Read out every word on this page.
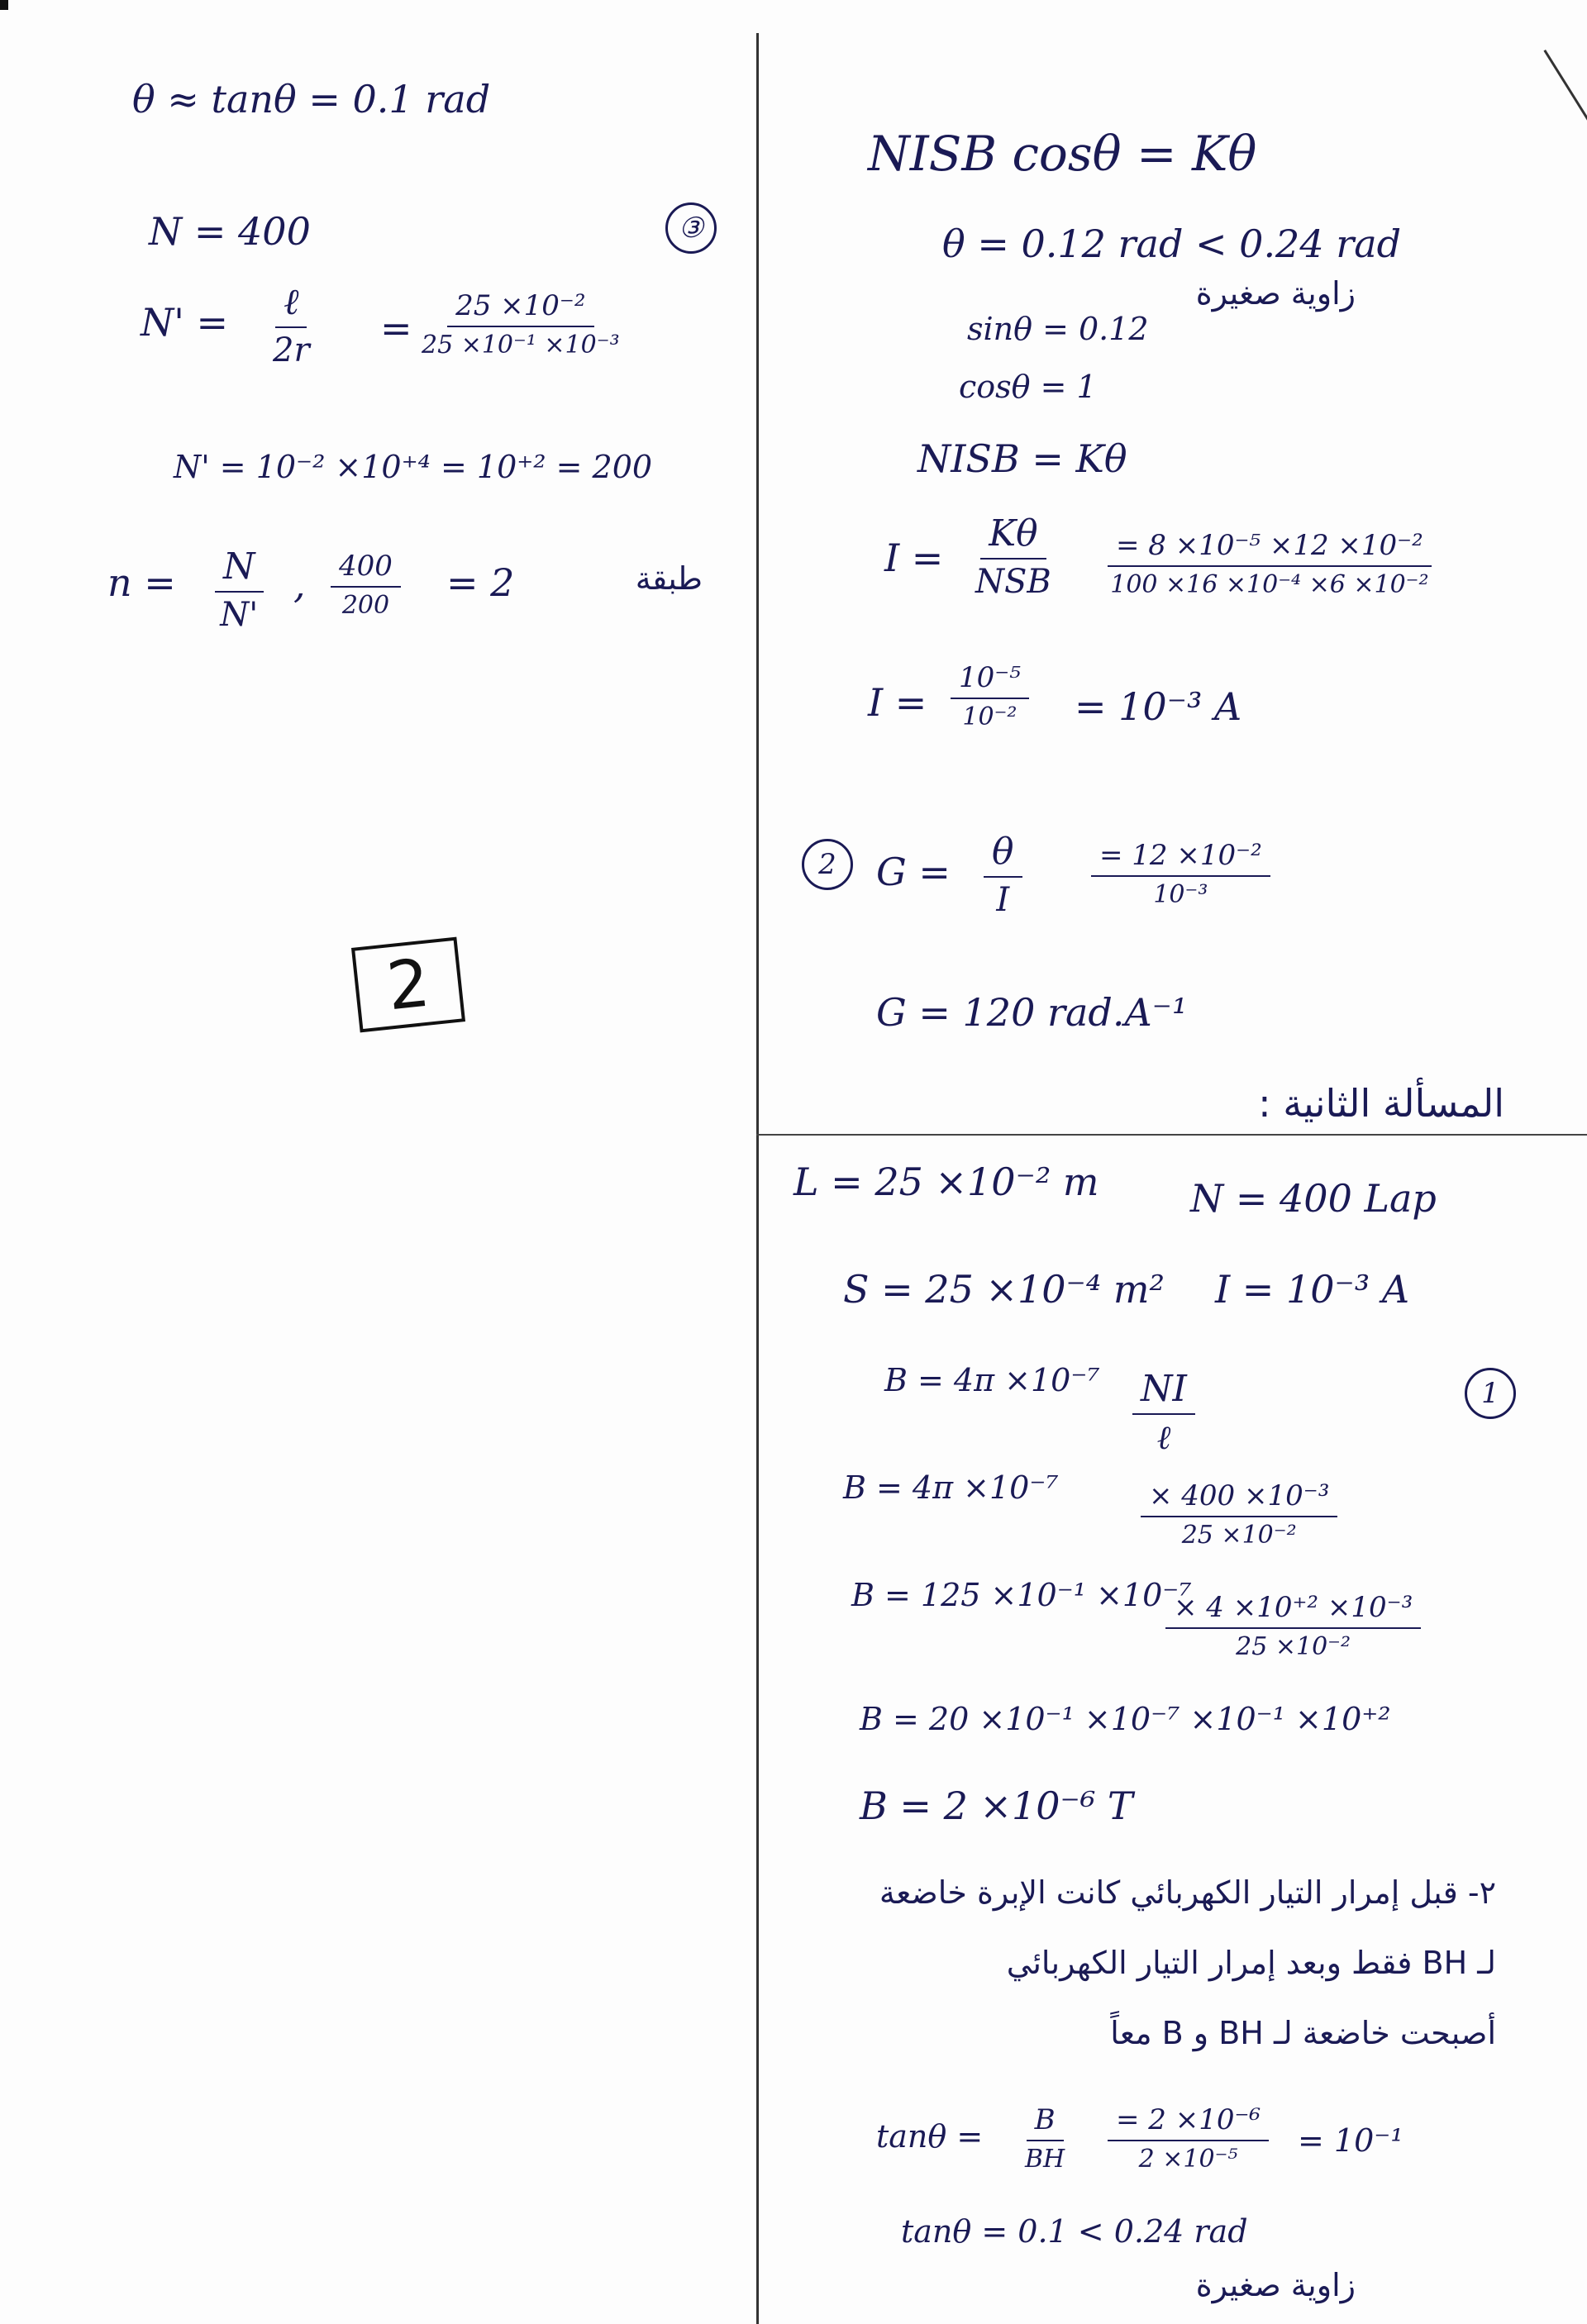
θ ≈ tanθ = 0.1 rad
N = 400	③
N' = ℓ
$2r = \frac{\text{25 ×10⁻²}}{\text{25 ×10⁻¹ ×10⁻³}}$
N' = 10⁻² ×10⁺⁴ = 10⁺² = 200
$n = \frac{N}{N'}$ , $\frac{400}{200} = 2$	طبقة
2
NISB cosθ = Kθ
θ = 0.12 rad < 0.24 rad
زاوية صغيرة
sinθ = 0.12
cosθ = 1
NISB = Kθ
I =
Kθ
NSB $\frac{\text{= 8 ×10⁻⁵ ×12 ×10⁻²}}{\text{100 ×16 ×10⁻⁴ ×6 ×10⁻²}}$
$I = \frac{\text{10⁻⁵}}{\text{10⁻²}} = 10^{-3}$ A
2	$G = \frac{\theta}{I} \frac{\text{= 12 ×10⁻²}}{\text{10⁻³}}$
G = 120 rad.A⁻¹
المسألة الثانية :
L = 25 ×10⁻² m N = 400 Lap
S = 25 ×10⁻⁴ m² I = 10⁻³ A
B = 4π ×10⁻⁷ NI
ℓ
1
B = 4π ×10⁻⁷	$\frac{\text{× 400 ×10⁻³}}{\text{25 ×10⁻²}}$
B = 125 ×10⁻¹ ×10⁻⁷
$\frac{\text{× 4 ×10⁺² ×10⁻³}}{\text{25 ×10⁻²}}$
B = 20 ×10⁻¹ ×10⁻⁷ ×10⁻¹ ×10⁺²
B = 2 ×10⁻⁶ T
٢- قبل إمرار التيار الكهربائي كانت الإبرة خاضعة
لـ BH فقط وبعد إمرار التيار الكهربائي
أصبحت خاضعة لـ BH و B معاً
$\tan\theta = \frac{B}{BH} \frac{\text{= 2 ×10⁻⁶}}{\text{2 ×10⁻⁵}} = 10^{-1}$
tanθ = 0.1 < 0.24 rad
زاوية صغيرة
